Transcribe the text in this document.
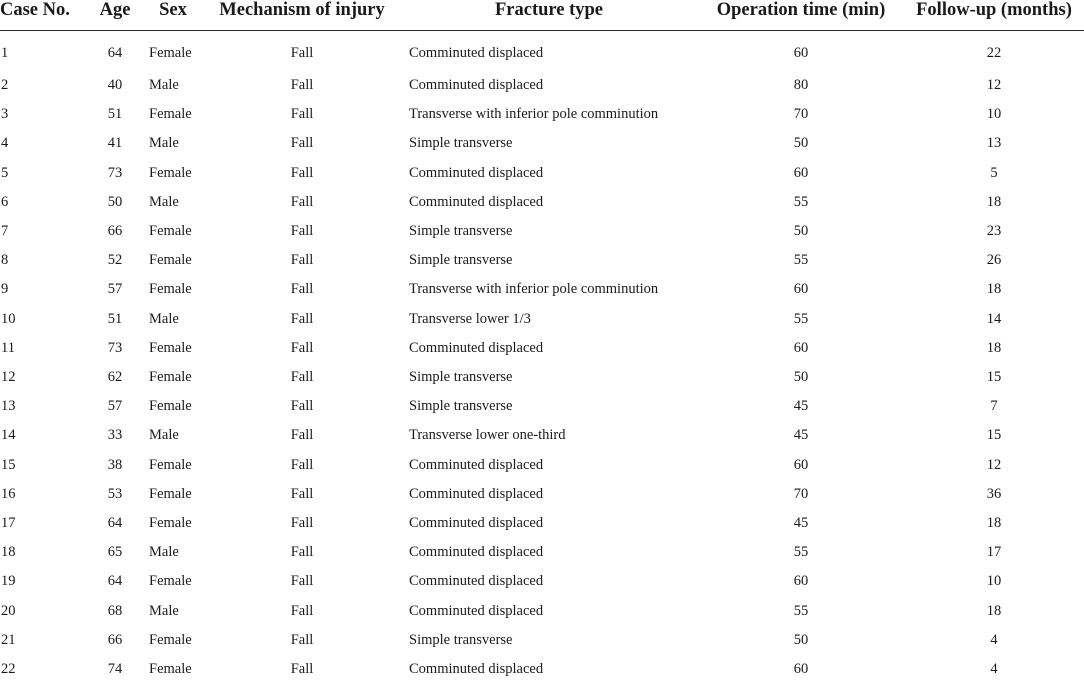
Case No.	Age	Sex	Mechanism of injury	Fracture type	Operation time (min)	Follow-up (months)
1	64	Female	Fall	Comminuted displaced	60	22
2	40	Male	Fall	Comminuted displaced	80	12
3	51	Female	Fall	Transverse with inferior pole comminution	70	10
4	41	Male	Fall	Simple transverse	50	13
5	73	Female	Fall	Comminuted displaced	60	5
6	50	Male	Fall	Comminuted displaced	55	18
7	66	Female	Fall	Simple transverse	50	23
8	52	Female	Fall	Simple transverse	55	26
9	57	Female	Fall	Transverse with inferior pole comminution	60	18
10	51	Male	Fall	Transverse lower 1/3	55	14
11	73	Female	Fall	Comminuted displaced	60	18
12	62	Female	Fall	Simple transverse	50	15
13	57	Female	Fall	Simple transverse	45	7
14	33	Male	Fall	Transverse lower one-third	45	15
15	38	Female	Fall	Comminuted displaced	60	12
16	53	Female	Fall	Comminuted displaced	70	36
17	64	Female	Fall	Comminuted displaced	45	18
18	65	Male	Fall	Comminuted displaced	55	17
19	64	Female	Fall	Comminuted displaced	60	10
20	68	Male	Fall	Comminuted displaced	55	18
21	66	Female	Fall	Simple transverse	50	4
22	74	Female	Fall	Comminuted displaced	60	4
